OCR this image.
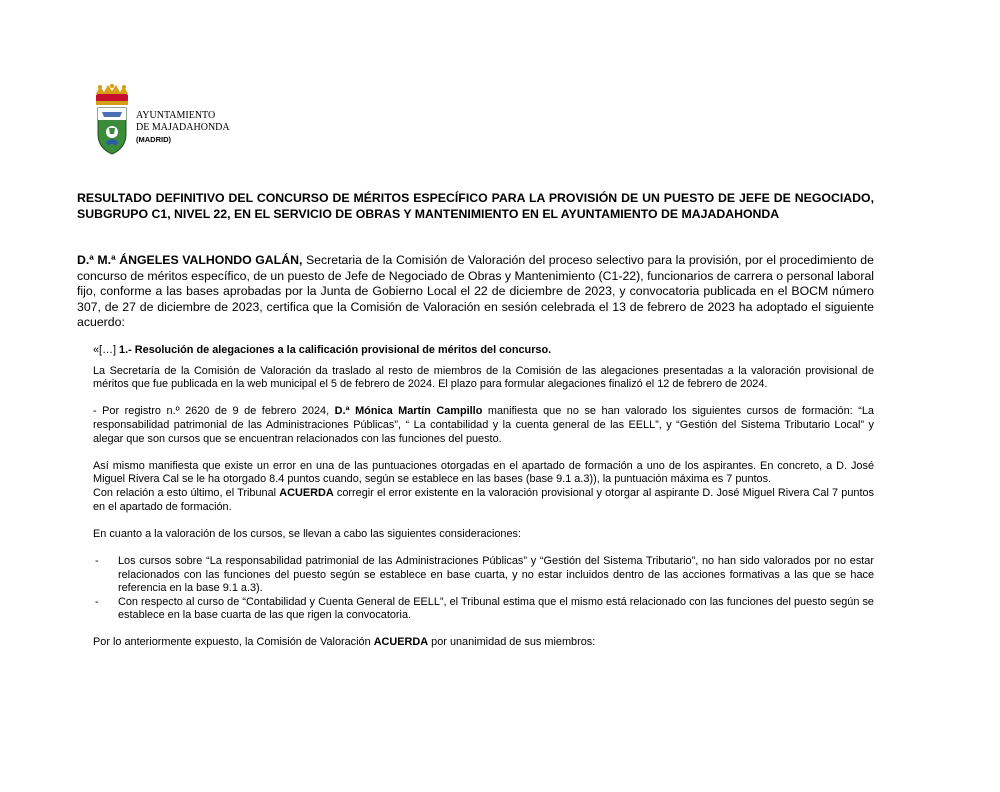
AYUNTAMIENTO
DE MAJADAHONDA
(MADRID)

RESULTADO DEFINITIVO DEL CONCURSO DE MÉRITOS ESPECÍFICO PARA LA PROVISIÓN DE UN PUESTO DE JEFE DE NEGOCIADO, SUBGRUPO C1, NIVEL 22, EN EL SERVICIO DE OBRAS Y MANTENIMIENTO EN EL AYUNTAMIENTO DE MAJADAHONDA

D.ª M.ª ÁNGELES VALHONDO GALÁN, Secretaria de la Comisión de Valoración del proceso selectivo para la provisión, por el procedimiento de concurso de méritos específico, de un puesto de Jefe de Negociado de Obras y Mantenimiento (C1-22), funcionarios de carrera o personal laboral fijo, conforme a las bases aprobadas por la Junta de Gobierno Local el 22 de diciembre de 2023, y convocatoria publicada en el BOCM número 307, de 27 de diciembre de 2023, certifica que la Comisión de Valoración en sesión celebrada el 13 de febrero de 2023 ha adoptado el siguiente acuerdo:

«[…] 1.- Resolución de alegaciones a la calificación provisional de méritos del concurso.

La Secretaría de la Comisión de Valoración da traslado al resto de miembros de la Comisión de las alegaciones presentadas a la valoración provisional de méritos que fue publicada en la web municipal el 5 de febrero de 2024. El plazo para formular alegaciones finalizó el 12 de febrero de 2024.

- Por registro n.º 2620 de 9 de febrero 2024, D.ª Mónica Martín Campillo manifiesta que no se han valorado los siguientes cursos de formación: “La responsabilidad patrimonial de las Administraciones Públicas”, “ La contabilidad y la cuenta general de las EELL”, y “Gestión del Sistema Tributario Local” y alegar que son cursos que se encuentran relacionados con las funciones del puesto.

Así mismo manifiesta que existe un error en una de las puntuaciones otorgadas en el apartado de formación a uno de los aspirantes. En concreto, a D. José Miguel Rivera Cal se le ha otorgado 8.4 puntos cuando, según se establece en las bases (base 9.1 a.3)), la puntuación máxima es 7 puntos.

Con relación a esto último, el Tribunal ACUERDA corregir el error existente en la valoración provisional y otorgar al aspirante D. José Miguel Rivera Cal 7 puntos en el apartado de formación.

En cuanto a la valoración de los cursos, se llevan a cabo las siguientes consideraciones:

- Los cursos sobre “La responsabilidad patrimonial de las Administraciones Públicas” y “Gestión del Sistema Tributario”, no han sido valorados por no estar relacionados con las funciones del puesto según se establece en base cuarta, y no estar incluidos dentro de las acciones formativas a las que se hace referencia en la base 9.1 a.3).
- Con respecto al curso de “Contabilidad y Cuenta General de EELL”, el Tribunal estima que el mismo está relacionado con las funciones del puesto según se establece en la base cuarta de las que rigen la convocatoria.

Por lo anteriormente expuesto, la Comisión de Valoración ACUERDA por unanimidad de sus miembros:
